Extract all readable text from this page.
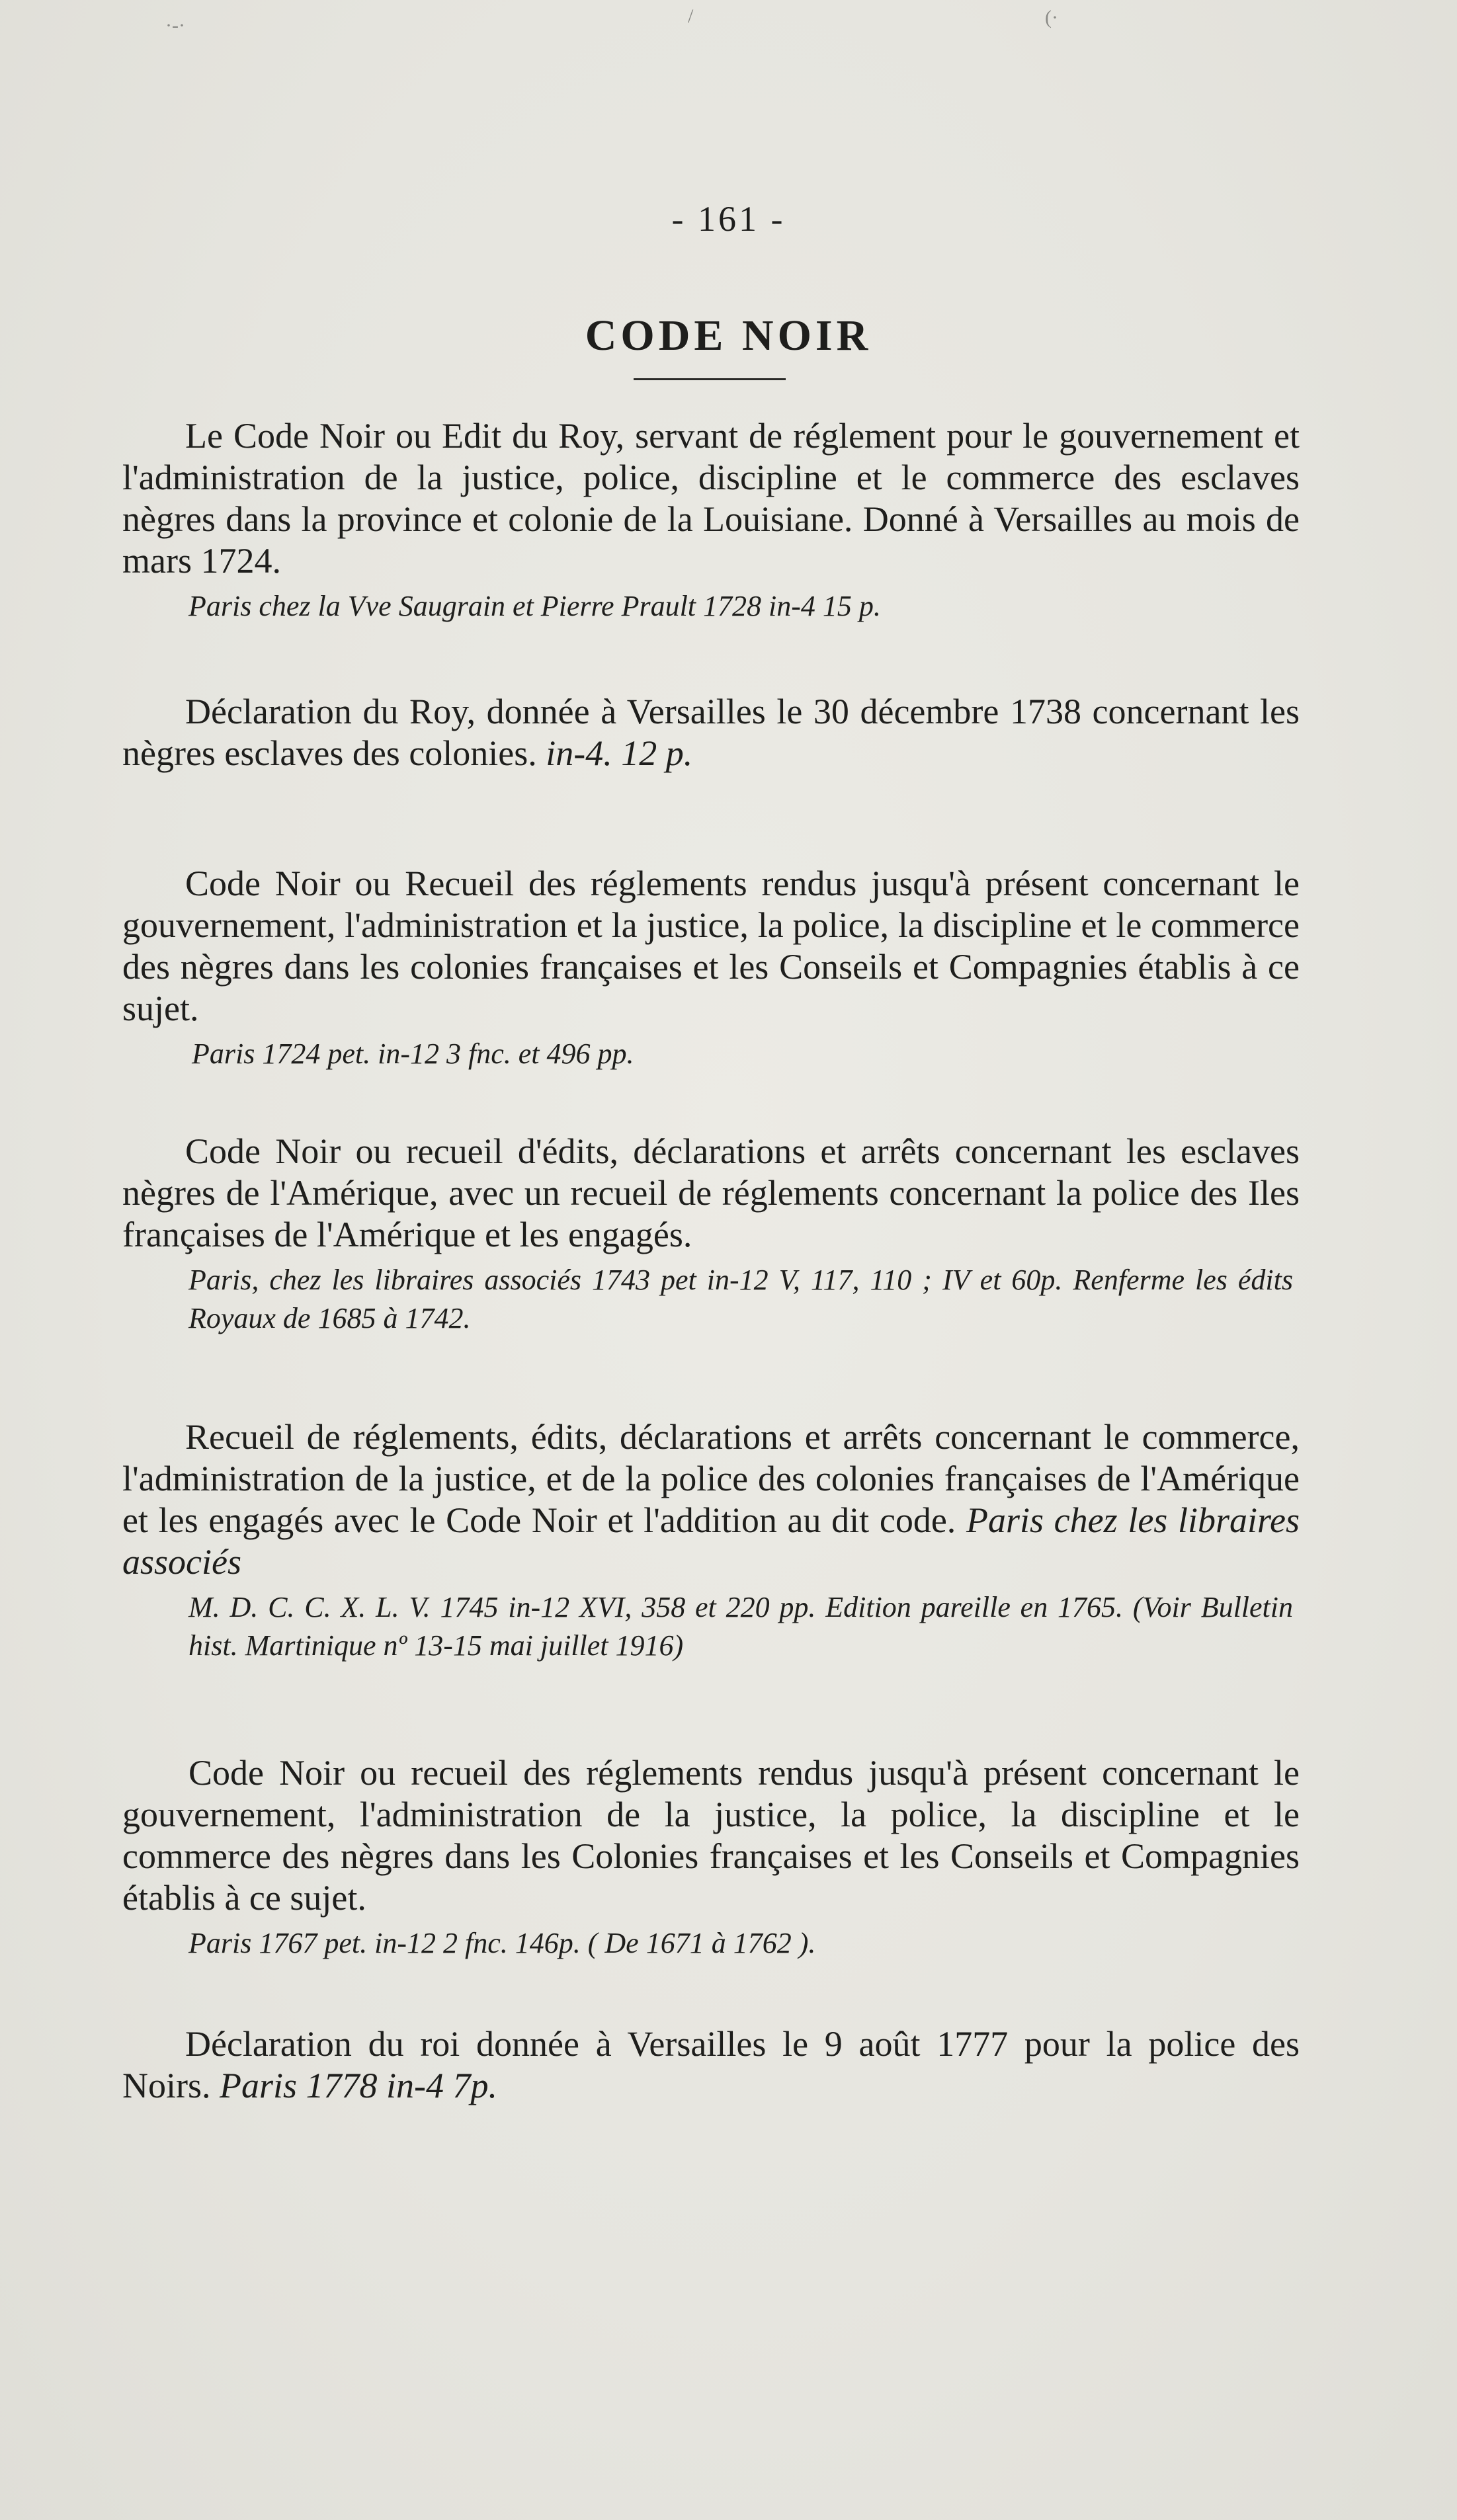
/	(·
·-·
- 161 -
CODE NOIR

Le Code Noir ou Edit du Roy, servant de réglement pour le gouvernement et l'administration de la justice, police, discipline et le commerce des esclaves nègres dans la province et colonie de la Louisiane. Donné à Versailles au mois de mars 1724.

Paris chez la Vve Saugrain et Pierre Prault 1728 in-4 15 p.

Déclaration du Roy, donnée à Versailles le 30 décembre 1738 concernant les nègres esclaves des colonies. in-4. 12 p.

Code Noir ou Recueil des réglements rendus jusqu'à présent concernant le gouvernement, l'administration et la justice, la police, la discipline et le commerce des nègres dans les colonies françaises et les Conseils et Compagnies établis à ce sujet.

Paris 1724 pet. in-12 3 fnc. et 496 pp.

Code Noir ou recueil d'édits, déclarations et arrêts concernant les esclaves nègres de l'Amérique, avec un recueil de réglements concernant la police des Iles françaises de l'Amérique et les engagés.

Paris, chez les libraires associés 1743 pet in-12 V, 117, 110 ; IV et 60p. Renferme les édits Royaux de 1685 à 1742.

Recueil de réglements, édits, déclarations et arrêts concernant le commerce, l'administration de la justice, et de la police des colonies françaises de l'Amérique et les engagés avec le Code Noir et l'addition au dit code. Paris chez les libraires associés

M. D. C. C. X. L. V. 1745 in-12 XVI, 358 et 220 pp. Edition pareille en 1765. (Voir Bulletin hist. Martinique nº 13-15 mai juillet 1916)

Code Noir ou recueil des réglements rendus jusqu'à présent concernant le gouvernement, l'administration de la justice, la police, la discipline et le commerce des nègres dans les Colonies françaises et les Conseils et Compagnies établis à ce sujet.

Paris 1767 pet. in-12 2 fnc. 146p. ( De 1671 à 1762 ).

Déclaration du roi donnée à Versailles le 9 août 1777 pour la police des Noirs. Paris 1778 in-4 7p.
